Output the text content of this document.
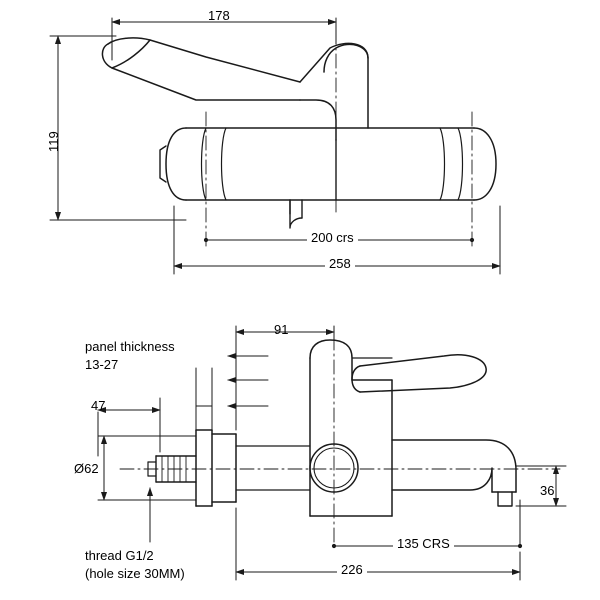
178
119
200 crs
258
91
panel thickness
13-27
47
Ø62
36
135 CRS
226
thread G1/2
(hole size 30MM)
